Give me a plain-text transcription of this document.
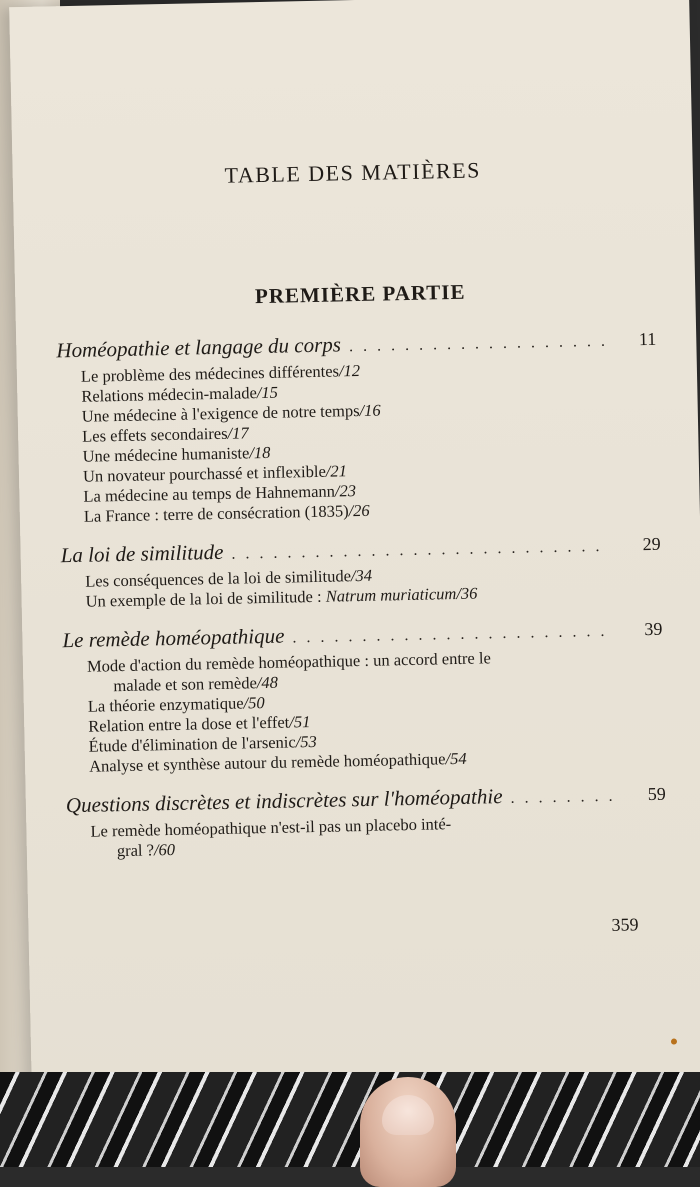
TABLE DES MATIÈRES
PREMIÈRE PARTIE
Homéopathie et langage du corps . . .	11
Le problème des médecines différentes/12
Relations médecin-malade/15
Une médecine à l'exigence de notre temps/16
Les effets secondaires/17
Une médecine humaniste/18
Un novateur pourchassé et inflexible/21
La médecine au temps de Hahnemann/23
La France : terre de consécration (1835)/26
La loi de similitude . . .	29
Les conséquences de la loi de similitude/34
Un exemple de la loi de similitude : Natrum muriaticum/36
Le remède homéopathique . . .	39
Mode d'action du remède homéopathique : un accord entre le
malade et son remède/48
La théorie enzymatique/50
Relation entre la dose et l'effet/51
Étude d'élimination de l'arsenic/53
Analyse et synthèse autour du remède homéopathique/54
Questions discrètes et indiscrètes sur l'homéopathie . . .	59
Le remède homéopathique n'est-il pas un placebo inté-
gral ?/60
359
